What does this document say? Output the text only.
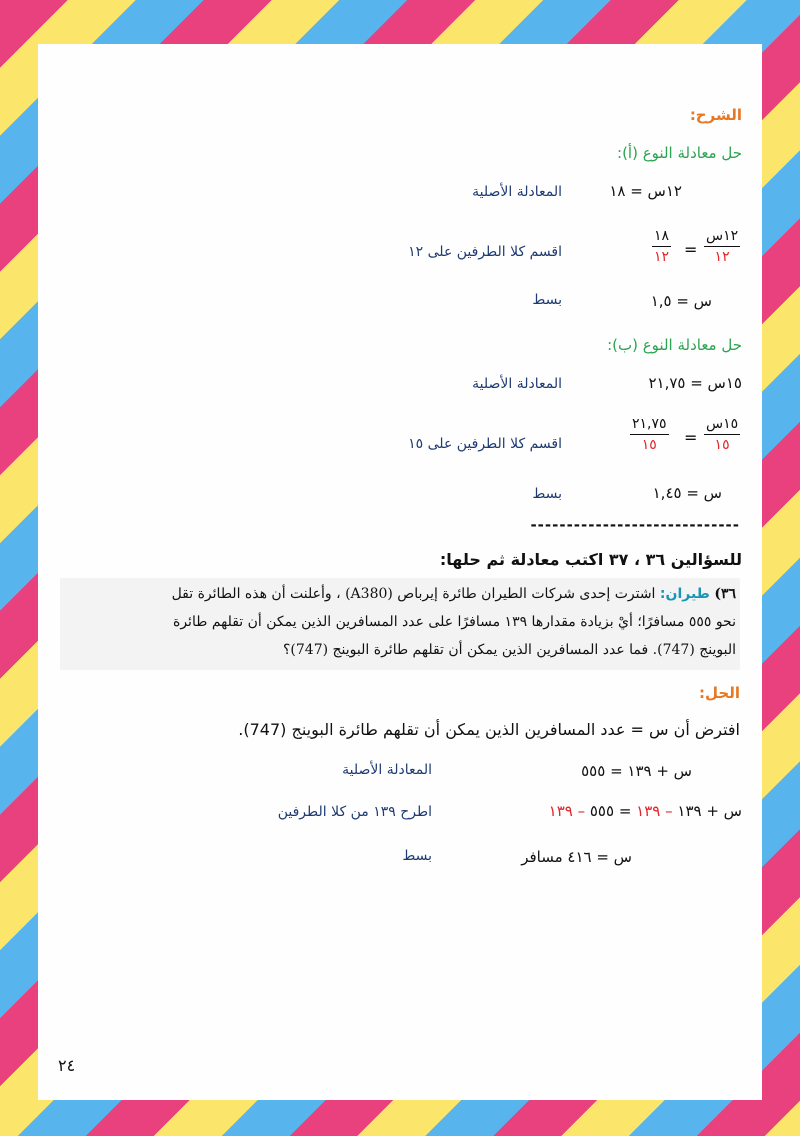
الشرح:
حل معادلة النوع (أ):
١٢س = ١٨
المعادلة الأصلية
١٢س
١٢
=
١٨
١٢
اقسم كلا الطرفين على ١٢
س = ١,٥
بسط
حل معادلة النوع (ب):
١٥س = ٢١,٧٥
المعادلة الأصلية
١٥س
١٥
=
٢١,٧٥
١٥
اقسم كلا الطرفين على ١٥
س = ١,٤٥
بسط
-----------------------------
للسؤالين ٣٦ ، ٣٧ اكتب معادلة ثم حلها:
٣٦) طيران: اشترت إحدى شركات الطيران طائرة إيرباص (A380) ، وأعلنت أن هذه الطائرة تقل
نحو ٥٥٥ مسافرًا؛ أيْ بزيادة مقدارها ١٣٩ مسافرًا على عدد المسافرين الذين يمكن أن تقلهم طائرة
البوينج (747). فما عدد المسافرين الذين يمكن أن تقلهم طائرة البوينج (747)؟
الحل:
افترض أن س = عدد المسافرين الذين يمكن أن تقلهم طائرة البوينج (747).
س + ١٣٩ = ٥٥٥
المعادلة الأصلية
س + ١٣٩ – ١٣٩ = ٥٥٥ – ١٣٩
اطرح ١٣٩ من كلا الطرفين
س = ٤١٦ مسافر
بسط
٢٤
